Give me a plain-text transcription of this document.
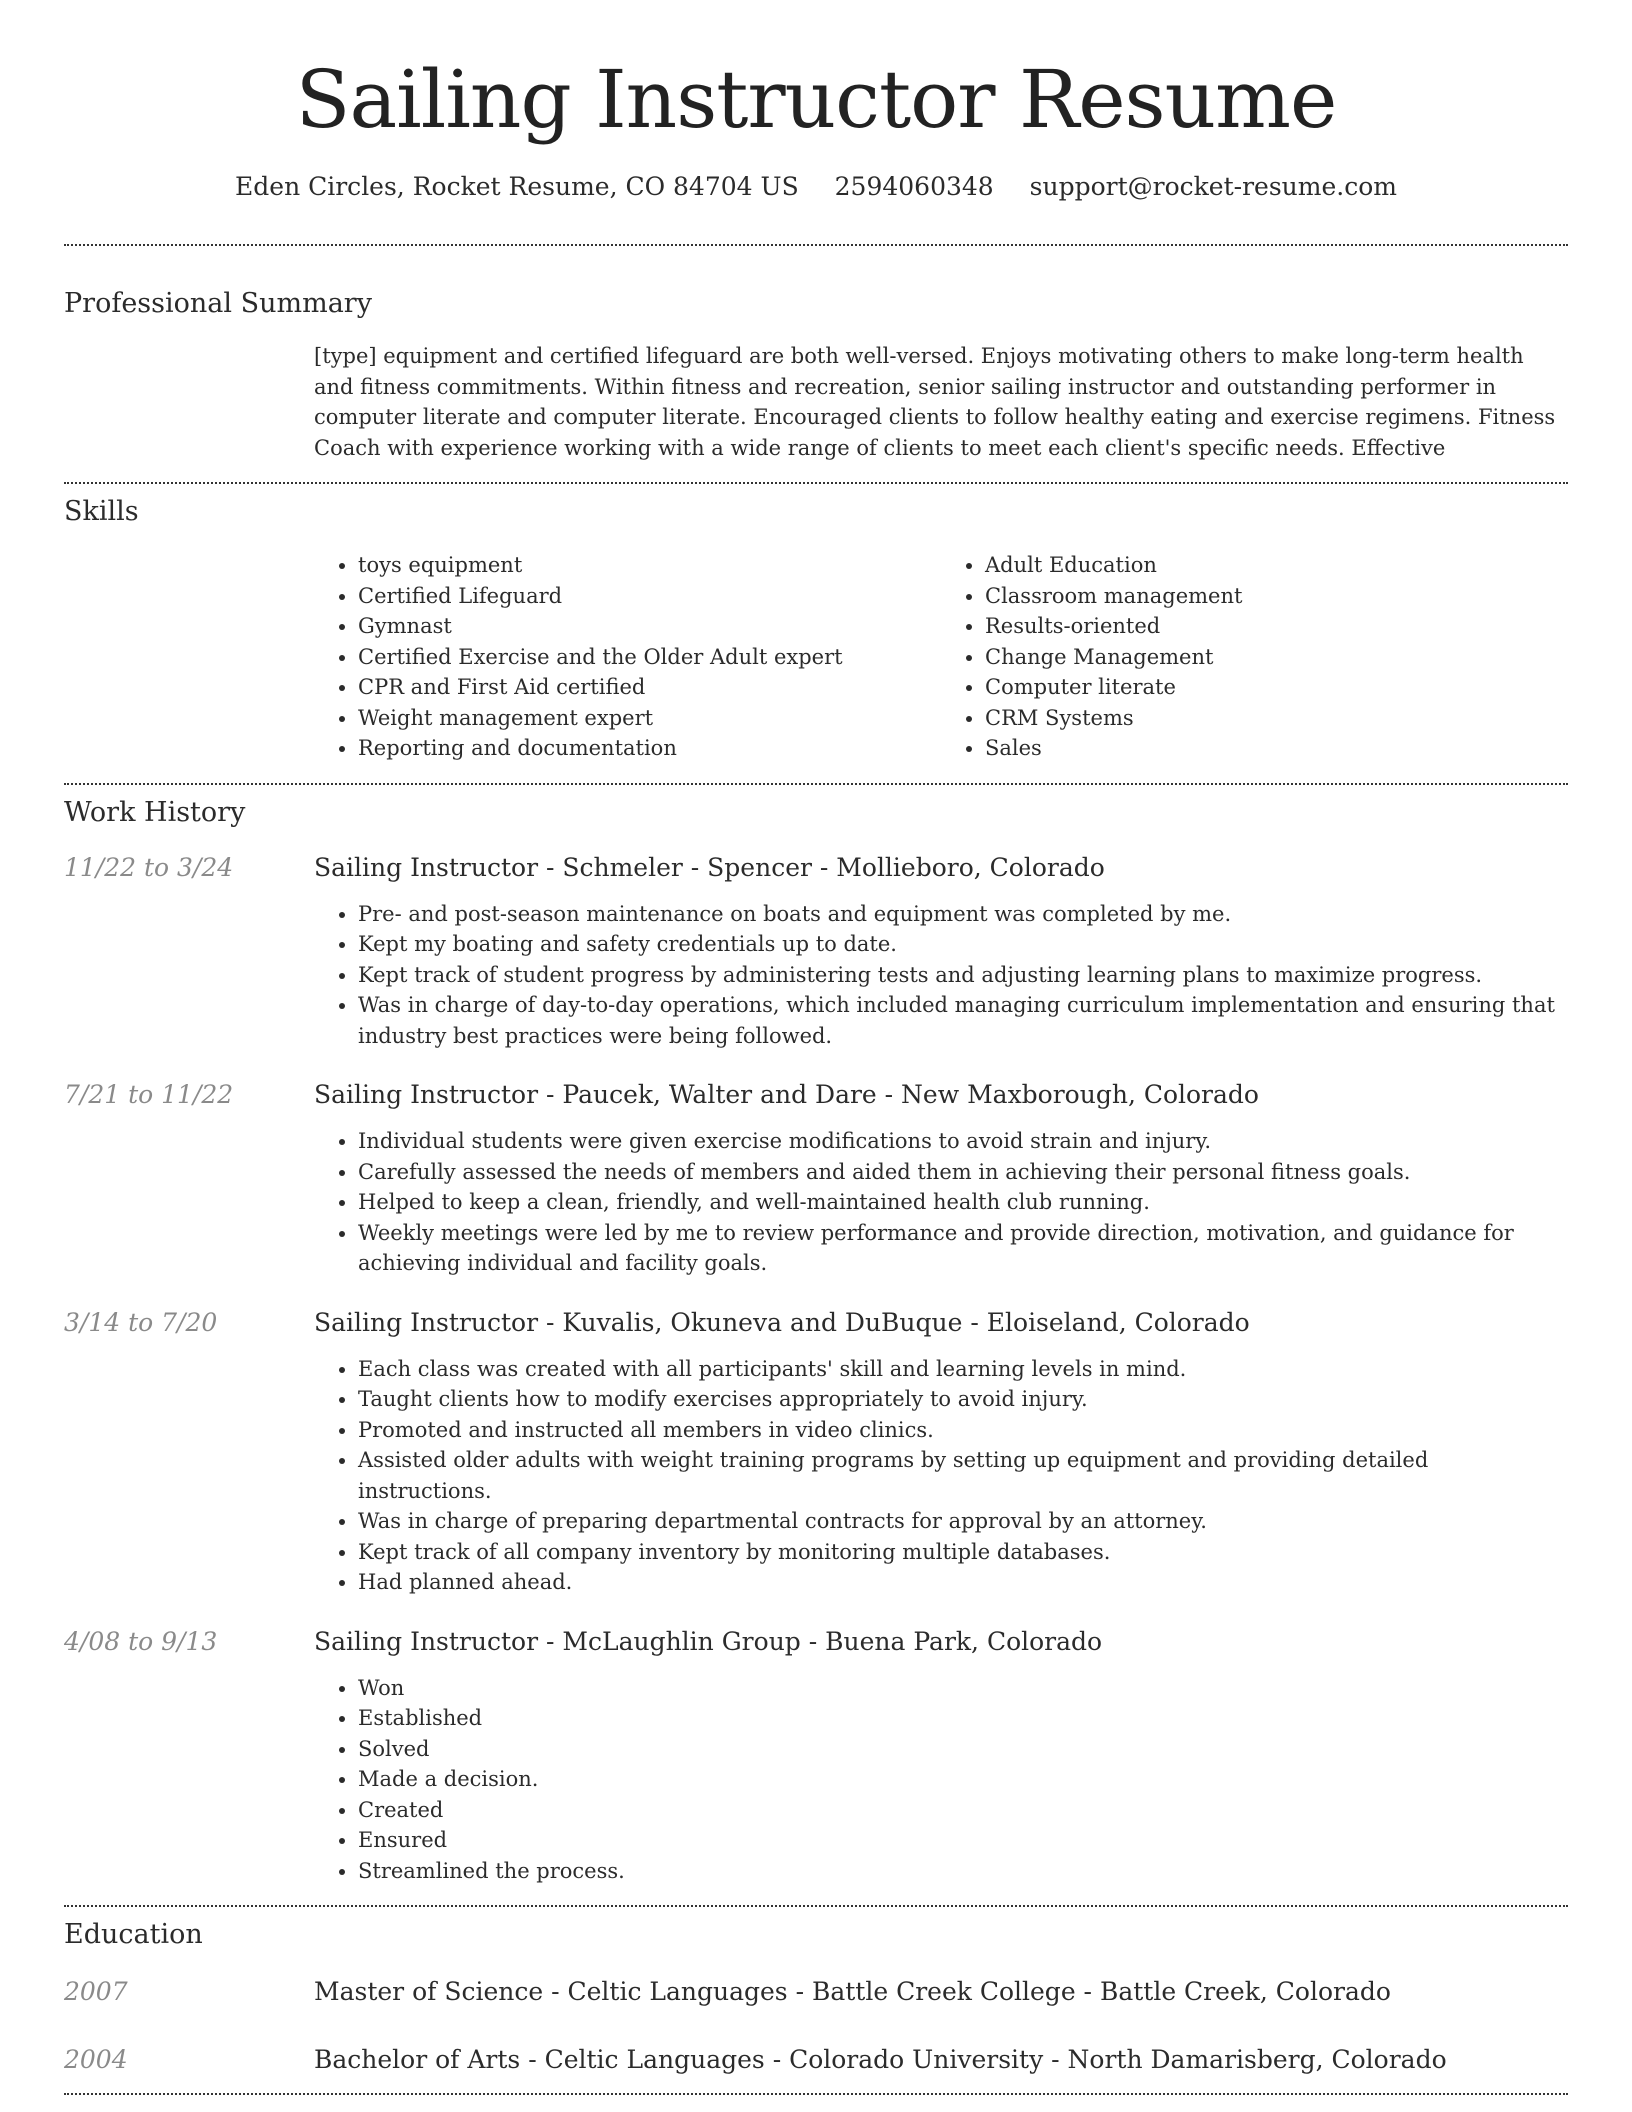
Sailing Instructor Resume
Eden Circles, Rocket Resume, CO 84704 US 2594060348 support@rocket-resume.com
Professional Summary
[type] equipment and certified lifeguard are both well-versed. Enjoys motivating others to make long-term health and fitness commitments. Within fitness and recreation, senior sailing instructor and outstanding performer in computer literate and computer literate. Encouraged clients to follow healthy eating and exercise regimens. Fitness Coach with experience working with a wide range of clients to meet each client's specific needs. Effective
Skills
• toys equipment
• Certified Lifeguard
• Gymnast
• Certified Exercise and the Older Adult expert
• CPR and First Aid certified
• Weight management expert
• Reporting and documentation
• Adult Education
• Classroom management
• Results-oriented
• Change Management
• Computer literate
• CRM Systems
• Sales
Work History
11/22 to 3/24	Sailing Instructor - Schmeler - Spencer - Mollieboro, Colorado
• Pre- and post-season maintenance on boats and equipment was completed by me.
• Kept my boating and safety credentials up to date.
• Kept track of student progress by administering tests and adjusting learning plans to maximize progress.
• Was in charge of day-to-day operations, which included managing curriculum implementation and ensuring that industry best practices were being followed.
7/21 to 11/22	Sailing Instructor - Paucek, Walter and Dare - New Maxborough, Colorado
• Individual students were given exercise modifications to avoid strain and injury.
• Carefully assessed the needs of members and aided them in achieving their personal fitness goals.
• Helped to keep a clean, friendly, and well-maintained health club running.
• Weekly meetings were led by me to review performance and provide direction, motivation, and guidance for achieving individual and facility goals.
3/14 to 7/20	Sailing Instructor - Kuvalis, Okuneva and DuBuque - Eloiseland, Colorado
• Each class was created with all participants' skill and learning levels in mind.
• Taught clients how to modify exercises appropriately to avoid injury.
• Promoted and instructed all members in video clinics.
• Assisted older adults with weight training programs by setting up equipment and providing detailed instructions.
• Was in charge of preparing departmental contracts for approval by an attorney.
• Kept track of all company inventory by monitoring multiple databases.
• Had planned ahead.
4/08 to 9/13	Sailing Instructor - McLaughlin Group - Buena Park, Colorado
• Won
• Established
• Solved
• Made a decision.
• Created
• Ensured
• Streamlined the process.
Education
2007	Master of Science - Celtic Languages - Battle Creek College - Battle Creek, Colorado
2004	Bachelor of Arts - Celtic Languages - Colorado University - North Damarisberg, Colorado
